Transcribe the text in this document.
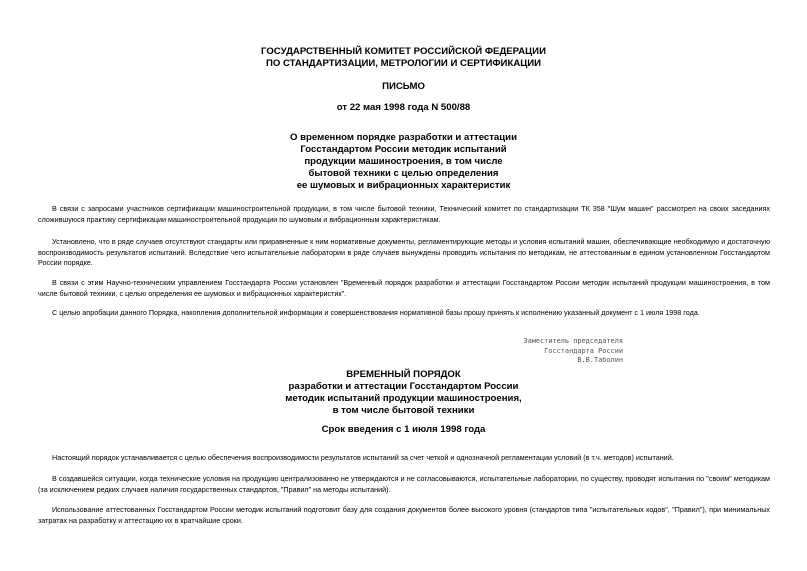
ГОСУДАРСТВЕННЫЙ КОМИТЕТ РОССИЙСКОЙ ФЕДЕРАЦИИ
ПО СТАНДАРТИЗАЦИИ, МЕТРОЛОГИИ И СЕРТИФИКАЦИИ
ПИСЬМО
от 22 мая 1998 года N 500/88
О временном порядке разработки и аттестации
Госстандартом России методик испытаний
продукции машиностроения, в том числе
бытовой техники с целью определения
ее шумовых и вибрационных характеристик

В связи с запросами участников сертификации машиностроительной продукции, в том числе бытовой техники, Технический комитет по стандартизации ТК 358 "Шум машин" рассмотрел на своих заседаниях сложившуюся практику сертификации машиностроительной продукции по шумовым и вибрационным характеристикам.

Установлено, что в ряде случаев отсутствуют стандарты или приравненные к ним нормативные документы, регламентирующие методы и условия испытаний машин, обеспечивающие необходимую и достаточную воспроизводимость результатов испытаний. Вследствие чего испытательные лаборатории в ряде случаев вынуждены проводить испытания по методикам, не аттестованным в едином установленном Госстандартом России порядке.

В связи с этим Научно-техническим управлением Госстандарта России установлен "Временный порядок разработки и аттестации Госстандартом России методик испытаний продукции машиностроения, в том числе бытовой техники, с целью определения ее шумовых и вибрационных характеристик".

С целью апробации данного Порядка, накопления дополнительной информации и совершенствования нормативной базы прошу принять к исполнению указанный документ с 1 июля 1998 года.

Заместитель председателя
Госстандарта России
В.В.Таболин
ВРЕМЕННЫЙ ПОРЯДОК
разработки и аттестации Госстандартом России
методик испытаний продукции машиностроения,
в том числе бытовой техники
Срок введения с 1 июля 1998 года

Настоящий порядок устанавливается с целью обеспечения воспроизводимости результатов испытаний за счет четкой и однозначной регламентации условий (в т.ч. методов) испытаний.

В создавшейся ситуации, когда технические условия на продукцию централизованно не утверждаются и не согласовываются, испытательные лаборатории, по существу, проводят испытания по "своим" методикам (за исключением редких случаев наличия государственных стандартов, "Правил" на методы испытаний).

Использование аттестованных Госстандартом России методик испытаний подготовит базу для создания документов более высокого уровня (стандартов типа "испытательных кодов", "Правил"), при минимальных затратах на разработку и аттестацию их в кратчайшие сроки.
